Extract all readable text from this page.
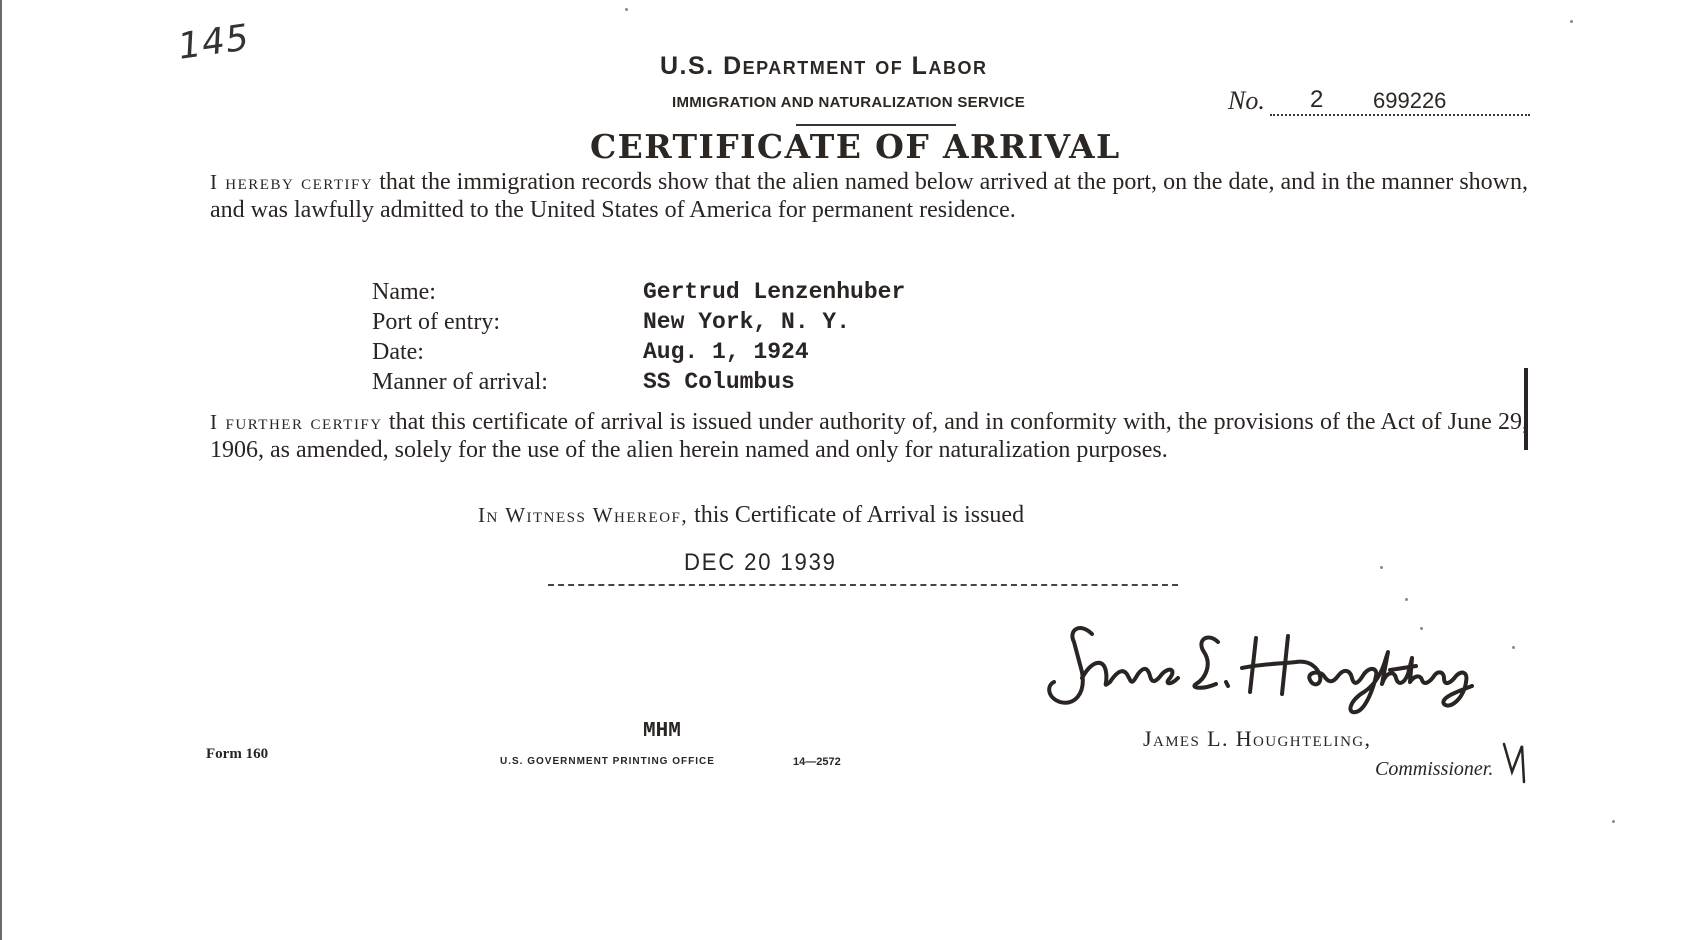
145	U.S. Department of Labor
IMMIGRATION AND NATURALIZATION SERVICE	No. 2 699226
CERTIFICATE OF ARRIVAL
I hereby certify that the immigration records show that the alien named below arrived at the port, on the date, and in the manner shown, and was lawfully admitted to the United States of America for permanent residence.
Name:	Gertrud Lenzenhuber
Port of entry:	New York, N. Y.
Date:	Aug. 1, 1924
Manner of arrival:	SS Columbus
I further certify that this certificate of arrival is issued under authority of, and in conformity with, the provisions of the Act of June 29, 1906, as amended, solely for the use of the alien herein named and only for naturalization purposes.
In Witness Whereof, this Certificate of Arrival is issued
DEC 20 1939
James L. Houghteling,
Commissioner.
MHM
Form 160	U.S. GOVERNMENT PRINTING OFFICE	14—2572
